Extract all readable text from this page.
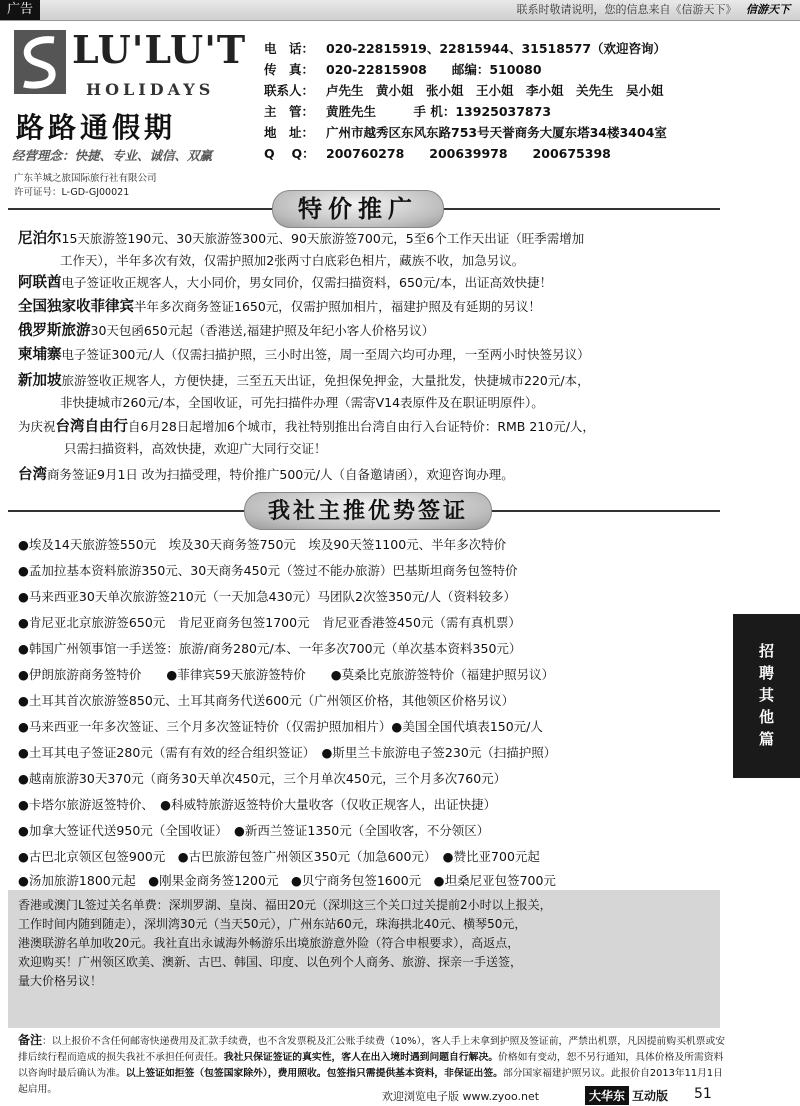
广告	联系时敬请说明，您的信息来自《信游天下》 信游天下
LU'LU'T
HOLIDAYS
路路通假期
经营理念：快捷、专业、诚信、双赢
广东羊城之旅国际旅行社有限公司
许可证号：L-GD-GJ00021
电　话： 020-22815919、22815944、31518577（欢迎咨询）
传　真： 020-22815908　　邮编：510080
联系人： 卢先生　黄小姐　张小姐　王小姐　李小姐　关先生　吴小姐
主　管： 黄胜先生　　　手 机：13925037873
地　址： 广州市越秀区东风东路753号天誉商务大厦东塔34楼3404室
Q　 Q： 200760278　　200639978　　200675398
特价推广
尼泊尔15天旅游签190元、30天旅游签300元、90天旅游签700元，5至6个工作天出证（旺季需增加
工作天），半年多次有效，仅需护照加2张两寸白底彩色相片，藏族不收，加急另议。
阿联酋电子签证收正规客人，大小同价，男女同价，仅需扫描资料，650元/本，出证高效快捷！
全国独家收菲律宾半年多次商务签证1650元，仅需护照加相片，福建护照及有延期的另议！
俄罗斯旅游30天包函650元起（香港送,福建护照及年纪小客人价格另议）
柬埔寨电子签证300元/人（仅需扫描护照，三小时出签，周一至周六均可办理，一至两小时快签另议）
新加坡旅游签收正规客人，方便快捷，三至五天出证，免担保免押金，大量批发，快捷城市220元/本，
非快捷城市260元/本，全国收证，可先扫描件办理（需寄V14表原件及在职证明原件）。
为庆祝台湾自由行自6月28日起增加6个城市，我社特别推出台湾自由行入台证特价：RMB 210元/人，
只需扫描资料，高效快捷，欢迎广大同行交证！
台湾商务签证9月1日 改为扫描受理，特价推广500元/人（自备邀请函），欢迎咨询办理。
我社主推优势签证
●埃及14天旅游签550元　埃及30天商务签750元　埃及90天签1100元、半年多次特价
●孟加拉基本资料旅游350元、30天商务450元（签过不能办旅游）巴基斯坦商务包签特价
●马来西亚30天单次旅游签210元（一天加急430元）马团队2次签350元/人（资料较多）
●肯尼亚北京旅游签650元　肯尼亚商务包签1700元　肯尼亚香港签450元（需有真机票）
●韩国广州领事馆一手送签：旅游/商务280元/本、一年多次700元（单次基本资料350元）
●伊朗旅游商务签特价　　●菲律宾59天旅游签特价　　●莫桑比克旅游签特价（福建护照另议）
●土耳其首次旅游签850元、土耳其商务代送600元（广州领区价格，其他领区价格另议）
●马来西亚一年多次签证、三个月多次签证特价（仅需护照加相片）●美国全国代填表150元/人
●土耳其电子签证280元（需有有效的经合组织签证）　●斯里兰卡旅游电子签230元（扫描护照）
●越南旅游30天370元（商务30天单次450元，三个月单次450元，三个月多次760元）
●卡塔尔旅游返签特价、　●科威特旅游返签特价大量收客（仅收正规客人，出证快捷）
●加拿大签证代送950元（全国收证）　●新西兰签证1350元（全国收客，不分领区）
●古巴北京领区包签900元　●古巴旅游包签广州领区350元（加急600元）　●赞比亚700元起
●汤加旅游1800元起　●刚果金商务签1200元　●贝宁商务包签1600元　●坦桑尼亚包签700元
香港或澳门L签过关名单费：深圳罗湖、皇岗、福田20元（深圳这三个关口过关提前2小时以上报关，
工作时间内随到随走），深圳湾30元（当天50元），广州东站60元，珠海拱北40元、横琴50元，
港澳联游名单加收20元。我社直出永诚海外畅游乐出境旅游意外险（符合申根要求），高返点，
欢迎购买！广州领区欧美、澳新、古巴、韩国、印度、以色列个人商务、旅游、探亲一手送签，
量大价格另议！
备注：以上报价不含任何邮寄快递费用及汇款手续费，也不含发票税及汇公账手续费（10%），客人手上未拿到护照及签证前，严禁出机票，凡因提前购买机票或安排后续行程而造成的损失我社不承担任何责任。我社只保证签证的真实性，客人在出入境时遇到问题自行解决。价格如有变动，恕不另行通知，具体价格及所需资料以咨询时最后确认为准。以上签证如拒签（包签国家除外），费用照收。包签指只需提供基本资料，非保证出签。部分国家福建护照另议。此报价自2013年11月1日起启用。
招
聘
其
他
篇
欢迎浏览电子版 www.zyoo.net	大华东 互动版 51
